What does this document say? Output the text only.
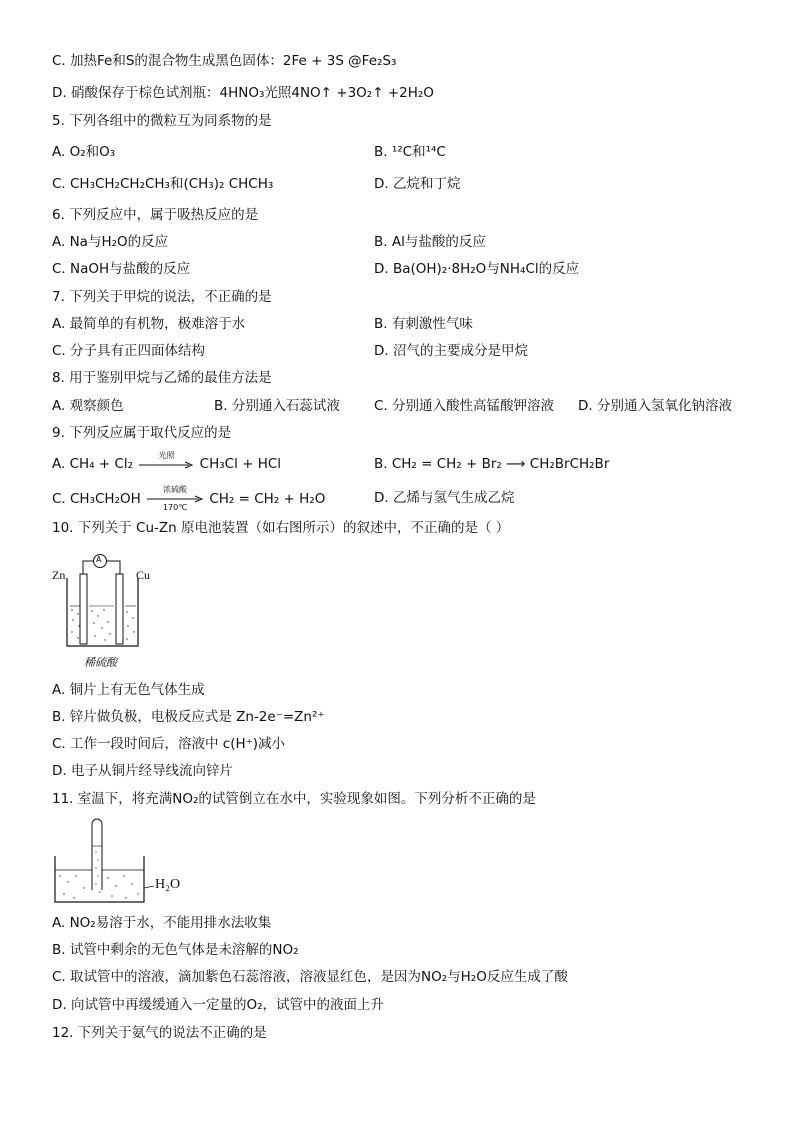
C. 加热Fe和S的混合物生成黑色固体：2Fe + 3S @Fe₂S₃
D. 硝酸保存于棕色试剂瓶：4HNO₃光照4NO↑ +3O₂↑ +2H₂O
5. 下列各组中的微粒互为同系物的是
A. O₂和O₃	B. ¹²C和¹⁴C
C. CH₃CH₂CH₂CH₃和(CH₃)₂ CHCH₃	D. 乙烷和丁烷
6. 下列反应中，属于吸热反应的是
A. Na与H₂O的反应	B. Al与盐酸的反应
C. NaOH与盐酸的反应	D. Ba(OH)₂·8H₂O与NH₄Cl的反应
7. 下列关于甲烷的说法，不正确的是
A. 最简单的有机物，极难溶于水	B. 有刺激性气味
C. 分子具有正四面体结构	D. 沼气的主要成分是甲烷
8. 用于鉴别甲烷与乙烯的最佳方法是
A. 观察颜色	B. 分别通入石蕊试液	C. 分别通入酸性高锰酸钾溶液 D. 分别通入氢氧化钠溶液
9. 下列反应属于取代反应的是
A. CH₄ + Cl₂
光照
CH₃Cl + HCl	B. CH₂ = CH₂ + Br₂ ⟶ CH₂BrCH₂Br
C. CH₃CH₂OH
浓硫酸
170℃
CH₂ = CH₂ + H₂O	D. 乙烯与氢气生成乙烷
10. 下列关于 Cu-Zn 原电池装置（如右图所示）的叙述中，不正确的是（ ）
Zn	Cu
A
稀硫酸
A. 铜片上有无色气体生成
B. 锌片做负极，电极反应式是 Zn-2e⁻=Zn²⁺
C. 工作一段时间后，溶液中 c(H⁺)减小
D. 电子从铜片经导线流向锌片
11. 室温下，将充满NO₂的试管倒立在水中，实验现象如图。下列分析不正确的是
H₂O
A. NO₂易溶于水，不能用排水法收集
B. 试管中剩余的无色气体是未溶解的NO₂
C. 取试管中的溶液，滴加紫色石蕊溶液，溶液显红色，是因为NO₂与H₂O反应生成了酸
D. 向试管中再缓缓通入一定量的O₂，试管中的液面上升
12. 下列关于氨气的说法不正确的是
